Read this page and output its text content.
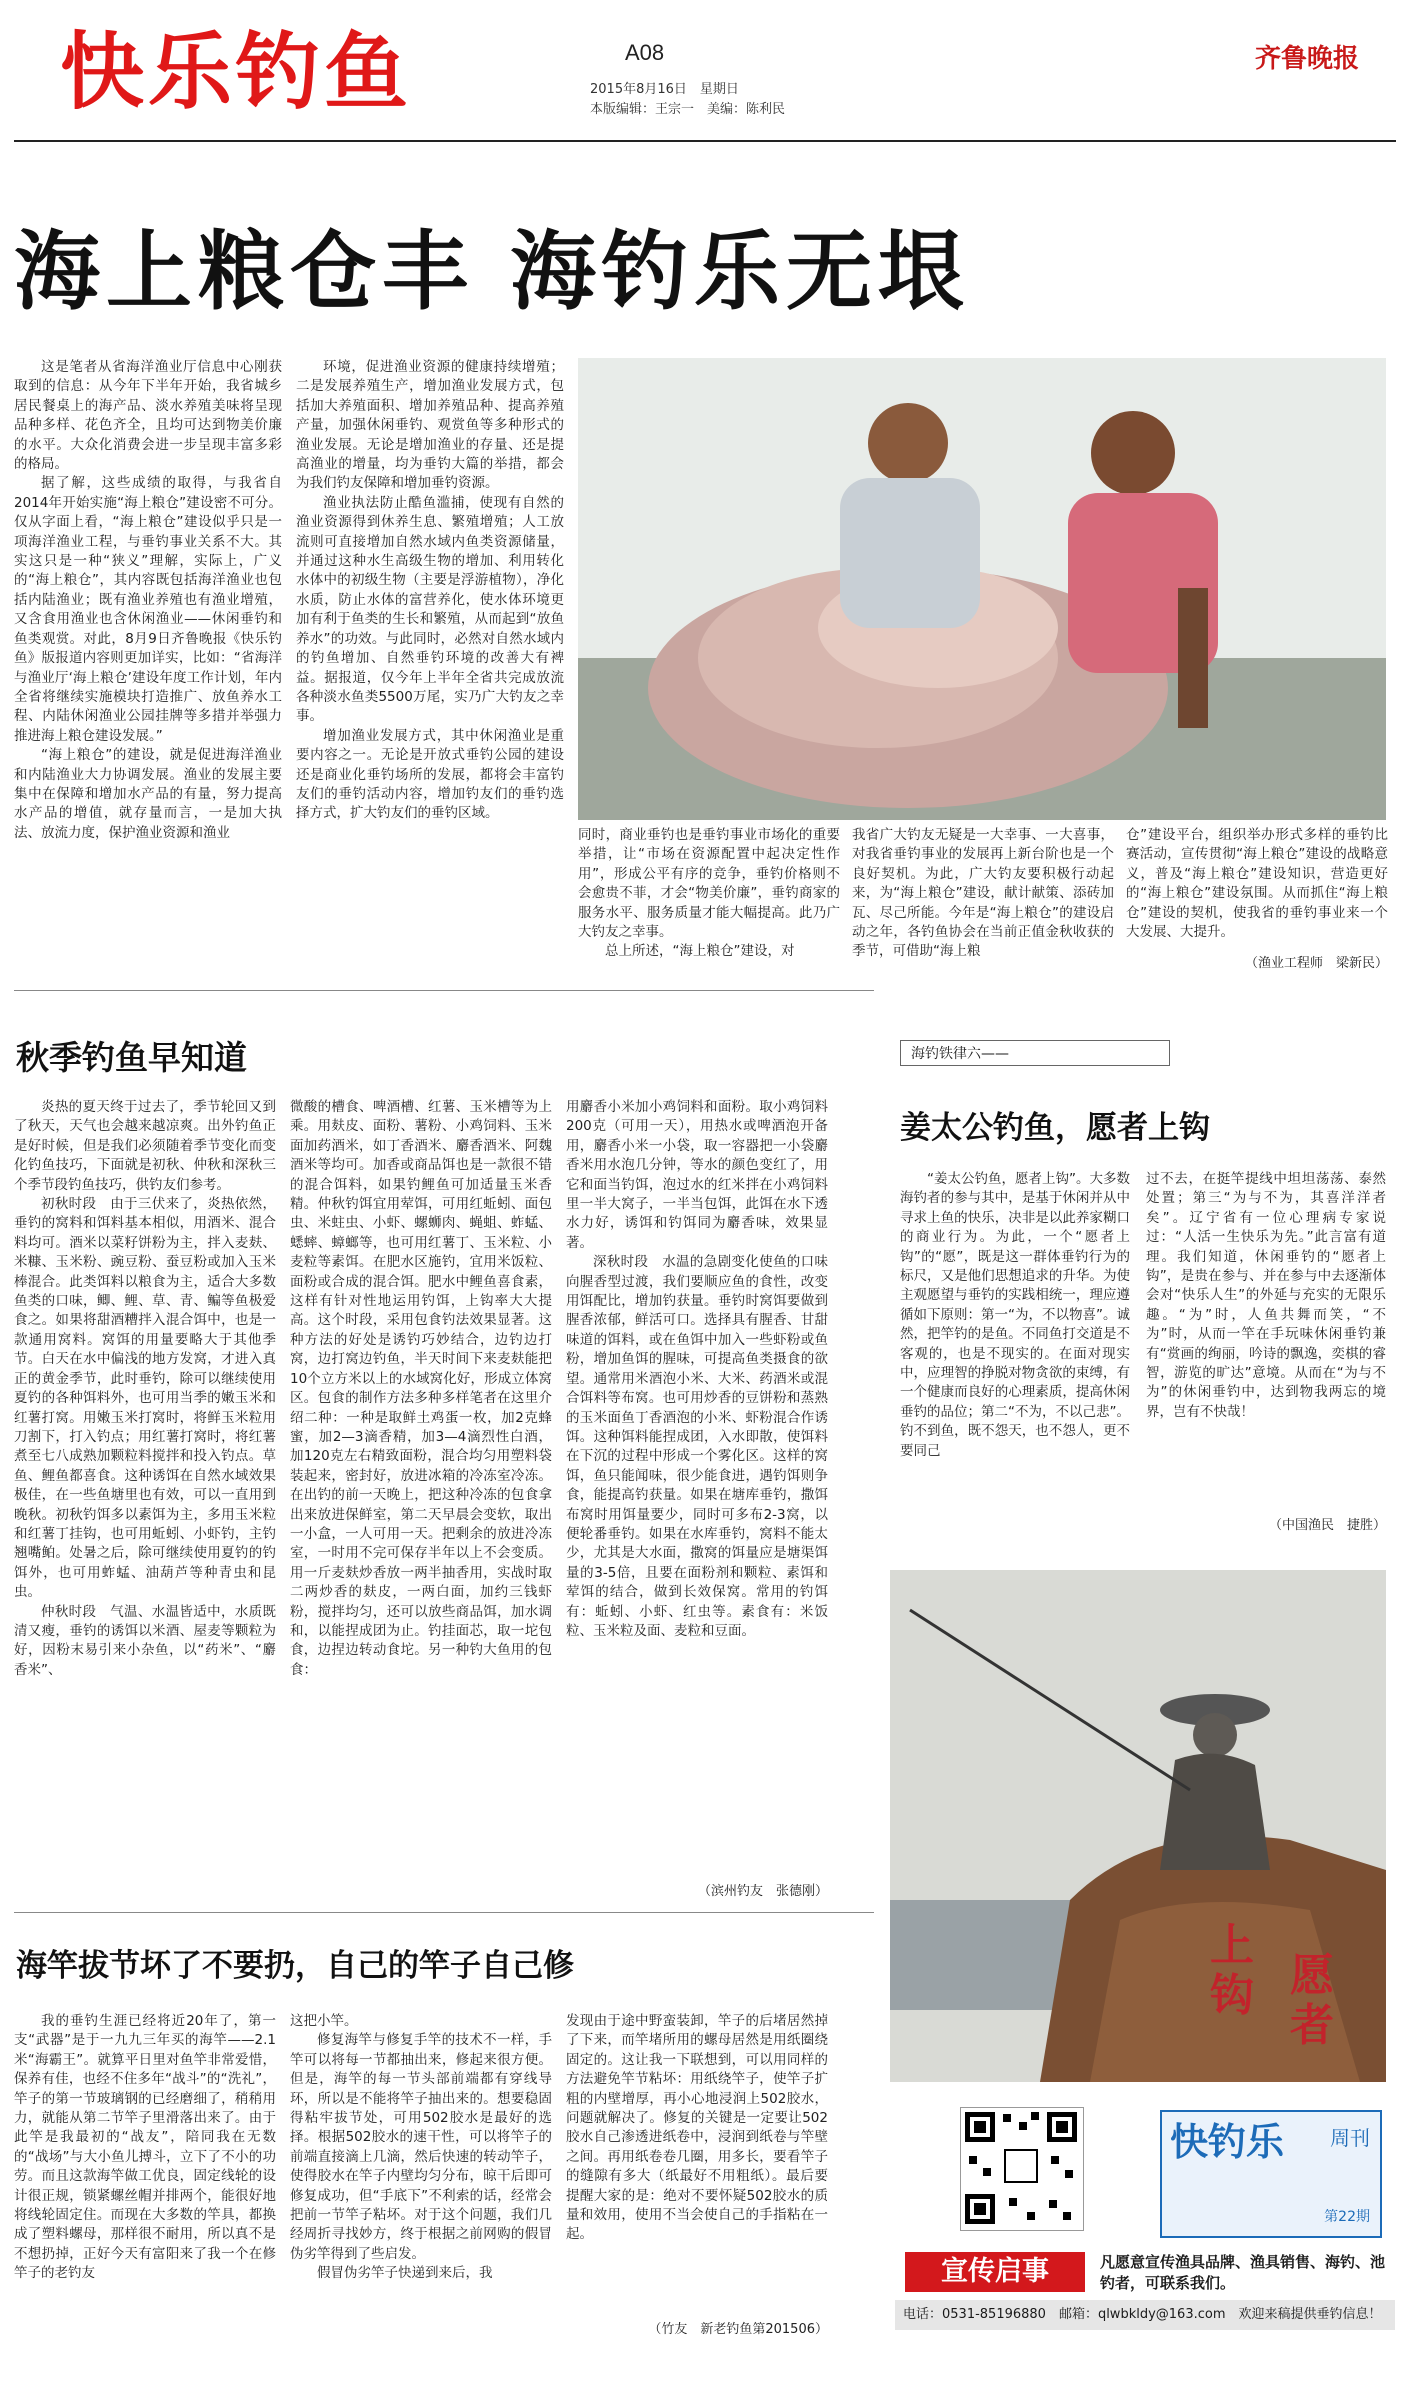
快乐钓鱼	A08
2015年8月16日　星期日
本版编辑：王宗一　美编：陈利民
齐鲁晚报
海上粮仓丰 海钓乐无垠

这是笔者从省海洋渔业厅信息中心刚获取到的信息：从今年下半年开始，我省城乡居民餐桌上的海产品、淡水养殖美味将呈现品种多样、花色齐全，且均可达到物美价廉的水平。大众化消费会进一步呈现丰富多彩的格局。

据了解，这些成绩的取得，与我省自2014年开始实施“海上粮仓”建设密不可分。仅从字面上看，“海上粮仓”建设似乎只是一项海洋渔业工程，与垂钓事业关系不大。其实这只是一种“狭义”理解，实际上，广义的“海上粮仓”，其内容既包括海洋渔业也包括内陆渔业；既有渔业养殖也有渔业增殖，又含食用渔业也含休闲渔业——休闲垂钓和鱼类观赏。对此，8月9日齐鲁晚报《快乐钓鱼》版报道内容则更加详实，比如：“省海洋与渔业厅‘海上粮仓’建设年度工作计划，年内全省将继续实施模块打造推广、放鱼养水工程、内陆休闲渔业公园挂牌等多措并举强力推进海上粮仓建设发展。”

“海上粮仓”的建设，就是促进海洋渔业和内陆渔业大力协调发展。渔业的发展主要集中在保障和增加水产品的有量，努力提高水产品的增值，就存量而言，一是加大执法、放流力度，保护渔业资源和渔业

环境，促进渔业资源的健康持续增殖；二是发展养殖生产，增加渔业发展方式，包括加大养殖面积、增加养殖品种、提高养殖产量，加强休闲垂钓、观赏鱼等多种形式的渔业发展。无论是增加渔业的存量、还是提高渔业的增量，均为垂钓大篇的举措，都会为我们钓友保障和增加垂钓资源。

渔业执法防止酷鱼滥捕，使现有自然的渔业资源得到休养生息、繁殖增殖；人工放流则可直接增加自然水域内鱼类资源储量，并通过这种水生高级生物的增加、利用转化水体中的初级生物（主要是浮游植物），净化水质，防止水体的富营养化，使水体环境更加有利于鱼类的生长和繁殖，从而起到“放鱼养水”的功效。与此同时，必然对自然水域内的钓鱼增加、自然垂钓环境的改善大有裨益。据报道，仅今年上半年全省共完成放流各种淡水鱼类5500万尾，实乃广大钓友之幸事。

增加渔业发展方式，其中休闲渔业是重要内容之一。无论是开放式垂钓公园的建设还是商业化垂钓场所的发展，都将会丰富钓友们的垂钓活动内容，增加钓友们的垂钓选择方式，扩大钓友们的垂钓区域。

同时，商业垂钓也是垂钓事业市场化的重要举措，让“市场在资源配置中起决定性作用”，形成公平有序的竞争，垂钓价格则不会愈贵不菲，才会“物美价廉”，垂钓商家的服务水平、服务质量才能大幅提高。此乃广大钓友之幸事。

总上所述，“海上粮仓”建设，对

我省广大钓友无疑是一大幸事、一大喜事，对我省垂钓事业的发展再上新台阶也是一个良好契机。为此，广大钓友要积极行动起来，为“海上粮仓”建设，献计献策、添砖加瓦、尽己所能。今年是“海上粮仓”的建设启动之年，各钓鱼协会在当前正值金秋收获的季节，可借助“海上粮

仓”建设平台，组织举办形式多样的垂钓比赛活动，宣传贯彻“海上粮仓”建设的战略意义，普及“海上粮仓”建设知识，营造更好的“海上粮仓”建设氛围。从而抓住“海上粮仓”建设的契机，使我省的垂钓事业来一个大发展、大提升。

（渔业工程师　梁新民）
秋季钓鱼早知道

炎热的夏天终于过去了，季节轮回又到了秋天，天气也会越来越凉爽。出外钓鱼正是好时候，但是我们必须随着季节变化而变化钓鱼技巧，下面就是初秋、仲秋和深秋三个季节段钓鱼技巧，供钓友们参考。

初秋时段　由于三伏来了，炎热依然，垂钓的窝料和饵料基本相似，用酒米、混合料均可。酒米以菜籽饼粉为主，拌入麦麸、米糠、玉米粉、豌豆粉、蚕豆粉或加入玉米棒混合。此类饵料以粮食为主，适合大多数鱼类的口味，鲫、鲤、草、青、鳊等鱼极爱食之。如果将甜酒糟拌入混合饵中，也是一款通用窝料。窝饵的用量要略大于其他季节。白天在水中偏浅的地方发窝，才进入真正的黄金季节，此时垂钓，除可以继续使用夏钓的各种饵料外，也可用当季的嫩玉米和红薯打窝。用嫩玉米打窝时，将鲜玉米粒用刀割下，打入钓点；用红薯打窝时，将红薯煮至七八成熟加颗粒料搅拌和投入钓点。草鱼、鲤鱼都喜食。这种诱饵在自然水域效果极佳，在一些鱼塘里也有效，可以一直用到晚秋。初秋钓饵多以素饵为主，多用玉米粒和红薯丁挂钩，也可用蚯蚓、小虾钓，主钓翘嘴鲌。处暑之后，除可继续使用夏钓的钓饵外，也可用蚱蜢、油葫芦等种青虫和昆虫。

仲秋时段　气温、水温皆适中，水质既清又瘦，垂钓的诱饵以米酒、屋麦等颗粒为好，因粉末易引来小杂鱼，以“药米”、“麝香米”、

微酸的槽食、啤酒槽、红薯、玉米槽等为上乘。用麸皮、面粉、薯粉、小鸡饲料、玉米面加药酒米，如丁香酒米、麝香酒米、阿魏酒米等均可。加香或商品饵也是一款很不错的混合饵料，如果钓鲤鱼可加适量玉米香精。仲秋钓饵宜用荤饵，可用红蚯蚓、面包虫、米蛀虫、小虾、螺蛳肉、蝇蛆、蚱蜢、蟋蟀、蟑螂等，也可用红薯丁、玉米粒、小麦粒等素饵。在肥水区施钓，宜用米饭粒、面粉或合成的混合饵。肥水中鲤鱼喜食素，这样有针对性地运用钓饵，上钩率大大提高。这个时段，采用包食钓法效果显著。这种方法的好处是诱钓巧妙结合，边钓边打窝，边打窝边钓鱼，半天时间下来麦麸能把10个立方米以上的水域窝化好，形成立体窝区。包食的制作方法多种多样笔者在这里介绍二种：一种是取鲜土鸡蛋一枚，加2克蜂蜜，加2—3滴香精，加3—4滴烈性白酒，加120克左右精致面粉，混合均匀用塑料袋装起来，密封好，放进冰箱的冷冻室冷冻。在出钓的前一天晚上，把这种冷冻的包食拿出来放进保鲜室，第二天早晨会变软，取出一小盒，一人可用一天。把剩余的放进冷冻室，一时用不完可保存半年以上不会变质。用一斤麦麸炒香放一两半抽香用，实战时取二两炒香的麸皮，一两白面，加约三钱虾粉，搅拌均匀，还可以放些商品饵，加水调和，以能捏成团为止。钓挂面芯，取一坨包食，边捏边转动食坨。另一种钓大鱼用的包食：

用麝香小米加小鸡饲料和面粉。取小鸡饲料200克（可用一天），用热水或啤酒泡开备用，麝香小米一小袋，取一容器把一小袋麝香米用水泡几分钟，等水的颜色变红了，用它和面当钓饵，泡过水的红米拌在小鸡饲料里一半大窝子，一半当包饵，此饵在水下透水力好，诱饵和钓饵同为麝香味，效果显著。

深秋时段　水温的急剧变化使鱼的口味向腥香型过渡，我们要顺应鱼的食性，改变用饵配比，增加钓获量。垂钓时窝饵要做到腥香浓郁，鲜活可口。选择具有腥香、甘甜味道的饵料，或在鱼饵中加入一些虾粉或鱼粉，增加鱼饵的腥味，可提高鱼类摄食的欲望。通常用米酒泡小米、大米、药酒米或混合饵料等布窝。也可用炒香的豆饼粉和蒸熟的玉米面鱼丁香酒泡的小米、虾粉混合作诱饵。这种饵料能捏成团，入水即散，使饵料在下沉的过程中形成一个雾化区。这样的窝饵，鱼只能闻味，很少能食进，遇钓饵则争食，能提高钓获量。如果在塘库垂钓，撒饵布窝时用饵量要少，同时可多布2-3窝，以便轮番垂钓。如果在水库垂钓，窝料不能太少，尤其是大水面，撒窝的饵量应是塘渠饵量的3-5倍，且要在面粉剂和颗粒、素饵和荤饵的结合，做到长效保窝。常用的钓饵有：蚯蚓、小虾、红虫等。素食有：米饭粒、玉米粒及面、麦粒和豆面。

（滨州钓友　张德刚）
海钓铁律六——
姜太公钓鱼，愿者上钩

“姜太公钓鱼，愿者上钩”。大多数海钓者的参与其中，是基于休闲并从中寻求上鱼的快乐，决非是以此养家糊口的商业行为。为此，一个“愿者上钩”的“愿”，既是这一群体垂钓行为的标尺，又是他们思想追求的升华。为使主观愿望与垂钓的实践相统一，理应遵循如下原则：第一“为，不以物喜”。诚然，把竿钓的是鱼。不同鱼打交道是不客观的，也是不现实的。在面对现实中，应理智的挣脱对物贪欲的束缚，有一个健康而良好的心理素质，提高休闲垂钓的品位；第二“不为，不以己悲”。钓不到鱼，既不怨天，也不怨人，更不要同己

过不去，在挺竿提线中坦坦荡荡、泰然处置；第三“为与不为，其喜洋洋者矣”。辽宁省有一位心理病专家说过：“人活一生快乐为先。”此言富有道理。我们知道，休闲垂钓的“愿者上钩”，是贵在参与、并在参与中去逐渐体会对“快乐人生”的外延与充实的无限乐趣。“为”时，人鱼共舞而笑，“不为”时，从而一竿在手玩味休闲垂钓兼有“赏画的绚丽，吟诗的飘逸，奕棋的睿智，游览的旷达”意境。从而在“为与不为”的休闲垂钓中，达到物我两忘的境界，岂有不快哉！

（中国渔民　捷胜）
愿
者
上
钩
海竿拔节坏了不要扔，自己的竿子自己修

我的垂钓生涯已经将近20年了，第一支“武器”是于一九九三年买的海竿——2.1米“海霸王”。就算平日里对鱼竿非常爱惜，保养有佳，也经不住多年“战斗”的“洗礼”，竿子的第一节玻璃钢的已经磨细了，稍稍用力，就能从第二节竿子里滑落出来了。由于此竿是我最初的“战友”，陪同我在无数的“战场”与大小鱼儿搏斗，立下了不小的功劳。而且这款海竿做工优良，固定线轮的设计很正规，锁紧螺丝帽并排两个，能很好地将线轮固定住。而现在大多数的竿具，都换成了塑料螺母，那样很不耐用，所以真不是不想扔掉，正好今天有富阳来了我一个在修竿子的老钓友

这把小竿。

修复海竿与修复手竿的技术不一样，手竿可以将每一节都抽出来，修起来很方便。但是，海竿的每一节头部前端都有穿线导环，所以是不能将竿子抽出来的。想要稳固得粘牢拔节处，可用502胶水是最好的选择。根据502胶水的速干性，可以将竿子的前端直接滴上几滴，然后快速的转动竿子，使得胶水在竿子内壁均匀分布，晾干后即可修复成功，但“手底下”不利索的话，经常会把前一节竿子粘坏。对于这个问题，我们几经周折寻找妙方，终于根据之前网购的假冒伪劣竿得到了些启发。

假冒伪劣竿子快递到来后，我

发现由于途中野蛮装卸，竿子的后堵居然掉了下来，而竿堵所用的螺母居然是用纸圈绕固定的。这让我一下联想到，可以用同样的方法避免竿节粘坏：用纸绕竿子，使竿子扩粗的内壁增厚，再小心地浸润上502胶水，问题就解决了。修复的关键是一定要让502胶水自己渗透进纸卷中，浸润到纸卷与竿壁之间。再用纸卷卷几圈，用多长，要看竿子的缝隙有多大（纸最好不用粗纸）。最后要提醒大家的是：绝对不要怀疑502胶水的质量和效用，使用不当会使自己的手指粘在一起。

（竹友　新老钓鱼第201506）
快钓乐 周刊
第22期
宣传启事	凡愿意宣传渔具品牌、渔具销售、海钓、池钓者，可联系我们。
电话：0531-85196880　邮箱：qlwbkldy@163.com　欢迎来稿提供垂钓信息！
